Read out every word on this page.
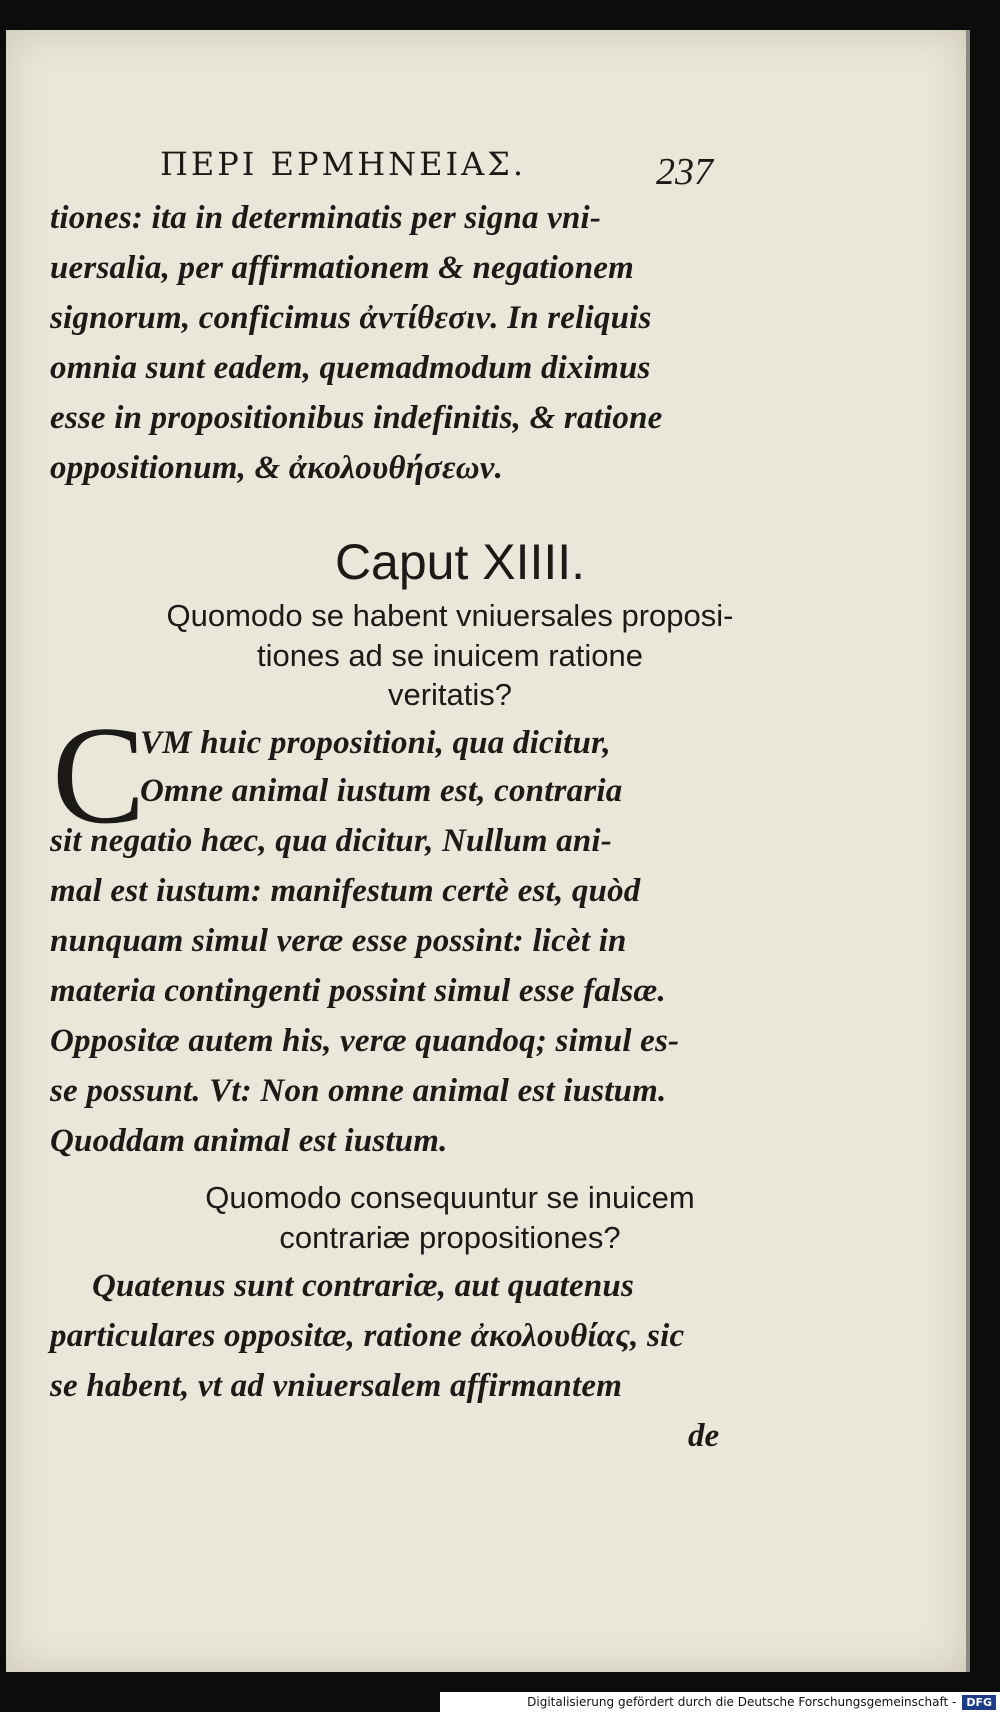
ΠΕΡΙ ΕΡΜΗΝΕΙΑΣ.	237
tiones: ita in determinatis per signa vni-
uersalia, per affirmationem & negationem
signorum, conficimus ἀντίθεσιν. In reliquis
omnia sunt eadem, quemadmodum diximus
esse in propositionibus indefinitis, & ratione
oppositionum, & ἀκολουθήσεων.
Caput XIIII.
Quomodo se habent vniuersales proposi-
tiones ad se inuicem ratione
veritatis?
C
VM huic propositioni, qua dicitur,
Omne animal iustum est, contraria
sit negatio hæc, qua dicitur, Nullum ani-
mal est iustum: manifestum certè est, quòd
nunquam simul veræ esse possint: licèt in
materia contingenti possint simul esse falsæ.
Oppositæ autem his, veræ quandoq; simul es-
se possunt. Vt: Non omne animal est iustum.
Quoddam animal est iustum.
Quomodo consequuntur se inuicem
contrariæ propositiones?
Quatenus sunt contrariæ, aut quatenus
particulares oppositæ, ratione ἀκολουθίας, sic
se habent, vt ad vniuersalem affirmantem
de
Digitalisierung gefördert durch die Deutsche Forschungsgemeinschaft - DFG
